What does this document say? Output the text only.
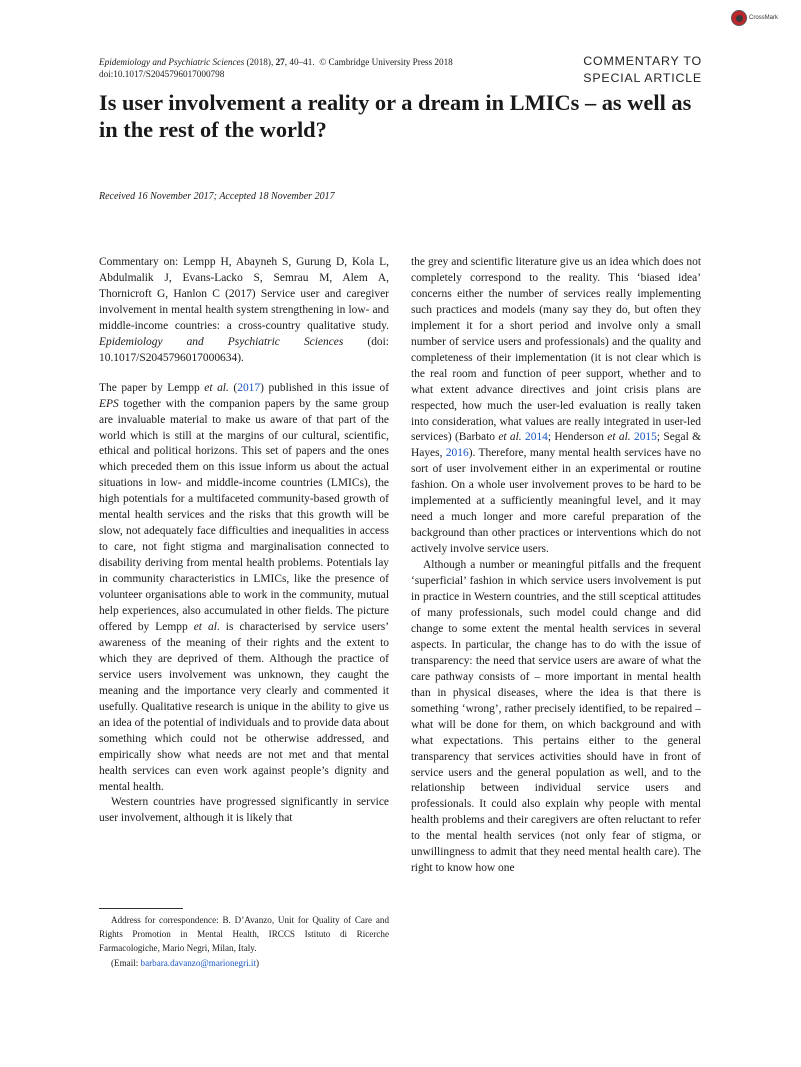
CrossMark
Epidemiology and Psychiatric Sciences (2018), 27, 40–41. © Cambridge University Press 2018
doi:10.1017/S2045796017000798
COMMENTARY TO
SPECIAL ARTICLE
Is user involvement a reality or a dream in LMICs – as well as in the rest of the world?
Received 16 November 2017; Accepted 18 November 2017

Commentary on: Lempp H, Abayneh S, Gurung D, Kola L, Abdulmalik J, Evans-Lacko S, Semrau M, Alem A, Thornicroft G, Hanlon C (2017) Service user and caregiver involvement in mental health system strengthening in low- and middle-income countries: a cross-country qualitative study. Epidemiology and Psychiatric Sciences (doi: 10.1017/S2045796017000634).

The paper by Lempp et al. (2017) published in this issue of EPS together with the companion papers by the same group are invaluable material to make us aware of that part of the world which is still at the margins of our cultural, scientific, ethical and political horizons. This set of papers and the ones which preceded them on this issue inform us about the actual situations in low- and middle-income countries (LMICs), the high potentials for a multifaceted community-based growth of mental health services and the risks that this growth will be slow, not adequately face difficulties and inequalities in access to care, not fight stigma and marginalisation connected to disability deriving from mental health problems. Potentials lay in community characteristics in LMICs, like the presence of volunteer organisations able to work in the community, mutual help experiences, also accumulated in other fields. The picture offered by Lempp et al. is characterised by service users’ awareness of the meaning of their rights and the extent to which they are deprived of them. Although the practice of service users involvement was unknown, they caught the meaning and the importance very clearly and commented it usefully. Qualitative research is unique in the ability to give us an idea of the potential of individuals and to provide data about something which could not be otherwise addressed, and empirically show what needs are not met and that mental health services can even work against people’s dignity and mental health.

Western countries have progressed significantly in service user involvement, although it is likely that

Address for correspondence: B. D’Avanzo, Unit for Quality of Care and Rights Promotion in Mental Health, IRCCS Istituto di Ricerche Farmacologiche, Mario Negri, Milan, Italy.

(Email: barbara.davanzo@marionegri.it)

the grey and scientific literature give us an idea which does not completely correspond to the reality. This ‘biased idea’ concerns either the number of services really implementing such practices and models (many say they do, but often they implement it for a short period and involve only a small number of service users and professionals) and the quality and completeness of their implementation (it is not clear which is the real room and function of peer support, whether and to what extent advance directives and joint crisis plans are respected, how much the user-led evaluation is really taken into consideration, what values are really integrated in user-led services) (Barbato et al. 2014; Henderson et al. 2015; Segal & Hayes, 2016). Therefore, many mental health services have no sort of user involvement either in an experimental or routine fashion. On a whole user involvement proves to be hard to be implemented at a sufficiently meaningful level, and it may need a much longer and more careful preparation of the background than other practices or interventions which do not actively involve service users.

Although a number or meaningful pitfalls and the frequent ‘superficial’ fashion in which service users involvement is put in practice in Western countries, and the still sceptical attitudes of many professionals, such model could change and did change to some extent the mental health services in several aspects. In particular, the change has to do with the issue of transparency: the need that service users are aware of what the care pathway consists of – more important in mental health than in physical diseases, where the idea is that there is something ‘wrong’, rather precisely identified, to be repaired – what will be done for them, on which background and with what expectations. This pertains either to the general transparency that services activities should have in front of service users and the general population as well, and to the relationship between individual service users and professionals. It could also explain why people with mental health problems and their caregivers are often reluctant to refer to the mental health services (not only fear of stigma, or unwillingness to admit that they need mental health care). The right to know how one
